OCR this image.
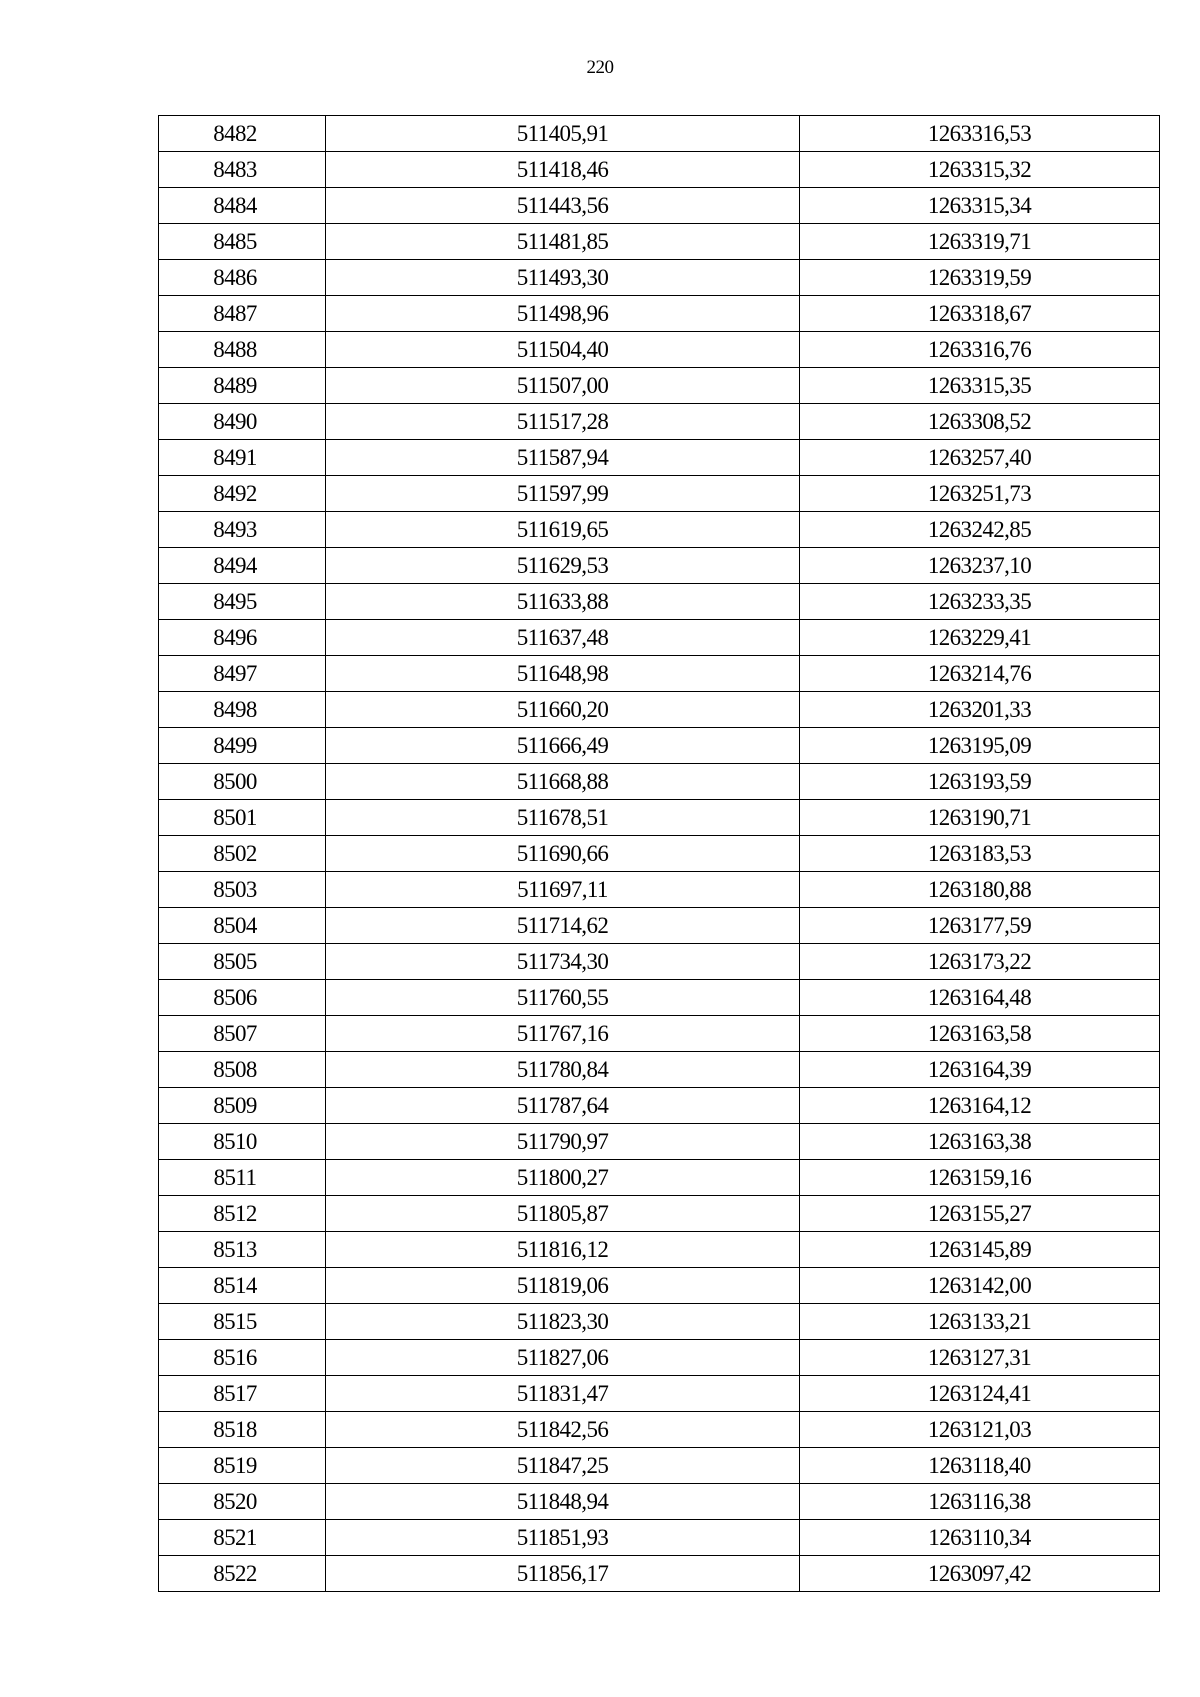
220
8482	511405,91	1263316,53
8483	511418,46	1263315,32
8484	511443,56	1263315,34
8485	511481,85	1263319,71
8486	511493,30	1263319,59
8487	511498,96	1263318,67
8488	511504,40	1263316,76
8489	511507,00	1263315,35
8490	511517,28	1263308,52
8491	511587,94	1263257,40
8492	511597,99	1263251,73
8493	511619,65	1263242,85
8494	511629,53	1263237,10
8495	511633,88	1263233,35
8496	511637,48	1263229,41
8497	511648,98	1263214,76
8498	511660,20	1263201,33
8499	511666,49	1263195,09
8500	511668,88	1263193,59
8501	511678,51	1263190,71
8502	511690,66	1263183,53
8503	511697,11	1263180,88
8504	511714,62	1263177,59
8505	511734,30	1263173,22
8506	511760,55	1263164,48
8507	511767,16	1263163,58
8508	511780,84	1263164,39
8509	511787,64	1263164,12
8510	511790,97	1263163,38
8511	511800,27	1263159,16
8512	511805,87	1263155,27
8513	511816,12	1263145,89
8514	511819,06	1263142,00
8515	511823,30	1263133,21
8516	511827,06	1263127,31
8517	511831,47	1263124,41
8518	511842,56	1263121,03
8519	511847,25	1263118,40
8520	511848,94	1263116,38
8521	511851,93	1263110,34
8522	511856,17	1263097,42
